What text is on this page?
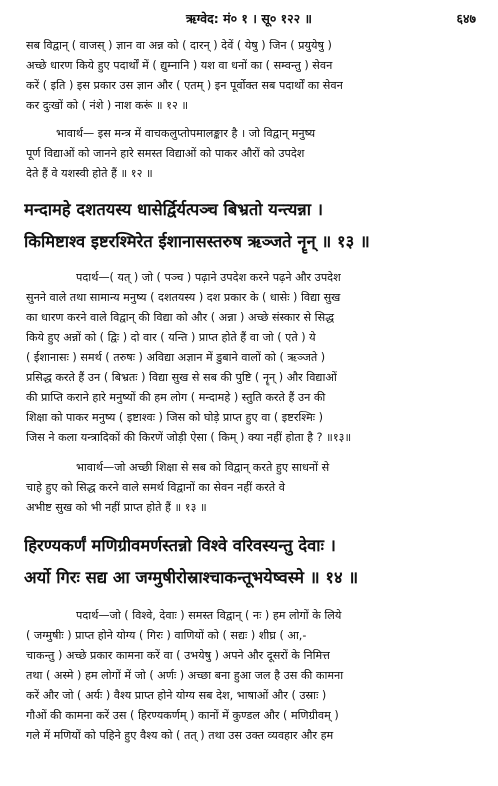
ऋग्वेद: मं० १ । सू० १२२ ॥	६४७
सब विद्वान् ( वाजस् ) ज्ञान वा अन्न को ( दारन् ) देवें ( येषु ) जिन ( प्रयुयेषु )
अच्छे धारण किये हुए पदार्थों में ( द्युम्नानि ) यश वा धनों का ( सम्वन्तु ) सेवन
करें ( इति ) इस प्रकार उस ज्ञान और ( एतम् ) इन पूर्वोक्त सब पदार्थों का सेवन
कर दुःखों को ( नंशे ) नाश करूं ॥ १२ ॥
भावार्थ— इस मन्त्र में वाचकलुप्तोपमालङ्कार है । जो विद्वान् मनुष्य
पूर्ण विद्याओं को जानने हारे समस्त विद्याओं को पाकर औरों को उपदेश
देते हैं वे यशस्वी होते हैं ॥ १२ ॥
मन्दामहे दशतयस्य धासेर्द्विर्यत्पञ्च बिभ्रतो यन्त्यन्ना ।
किमिष्टाश्व इष्टरश्मिरेत ईशानासस्तरुष ऋञ्जते नॄन् ॥ १३ ॥
पदार्थ—( यत् ) जो ( पञ्च ) पढ़ाने उपदेश करने पढ़ने और उपदेश
सुनने वाले तथा सामान्य मनुष्य ( दशतयस्य ) दश प्रकार के ( धासेः ) विद्या सुख
का धारण करने वाले विद्वान् की विद्या को और ( अन्ना ) अच्छे संस्कार से सिद्ध
किये हुए अन्नों को ( द्विः ) दो वार ( यन्ति ) प्राप्त होते हैं वा जो ( एते ) ये
( ईशानासः ) समर्थ ( तरुषः ) अविद्या अज्ञान में डुबाने वालों को ( ऋञ्जते )
प्रसिद्ध करते हैं उन ( बिभ्रतः ) विद्या सुख से सब की पुष्टि ( नॄन् ) और विद्याओं
की प्राप्ति कराने हारे मनुष्यों की हम लोग ( मन्दामहे ) स्तुति करते हैं उन की
शिक्षा को पाकर मनुष्य ( इष्टाश्वः ) जिस को घोड़े प्राप्त हुए वा ( इष्टरश्मिः )
जिस ने कला यन्त्रादिकों की किरणें जोड़ी ऐसा ( किम् ) क्या नहीं होता है ? ॥१३॥
भावार्थ—जो अच्छी शिक्षा से सब को विद्वान् करते हुए साधनों से
चाहे हुए को सिद्ध करने वाले समर्थ विद्वानों का सेवन नहीं करते वे
अभीष्ट सुख को भी नहीं प्राप्त होते हैं ॥ १३ ॥
हिरण्यकर्णं मणिग्रीवमर्णस्तन्नो विश्वे वरिवस्यन्तु देवाः ।
अर्यो गिरः सद्य आ जग्मुषीरोस्राश्चाकन्तूभयेष्वस्मे ॥ १४ ॥
पदार्थ—जो ( विश्वे, देवाः ) समस्त विद्वान् ( नः ) हम लोगों के लिये
( जग्मुषीः ) प्राप्त होने योग्य ( गिरः ) वाणियों को ( सद्यः ) शीघ्र ( आ,-
चाकन्तु ) अच्छे प्रकार कामना करें वा ( उभयेषु ) अपने और दूसरों के निमित्त
तथा ( अस्मे ) हम लोगों में जो ( अर्णः ) अच्छा बना हुआ जल है उस की कामना
करें और जो ( अर्यः ) वैश्य प्राप्त होने योग्य सब देश, भाषाओं और ( उस्राः )
गौओं की कामना करें उस ( हिरण्यकर्णम् ) कानों में कुण्डल और ( मणिग्रीवम् )
गले में मणियों को पहिने हुए वैश्य को ( तत् ) तथा उस उक्त व्यवहार और हम
